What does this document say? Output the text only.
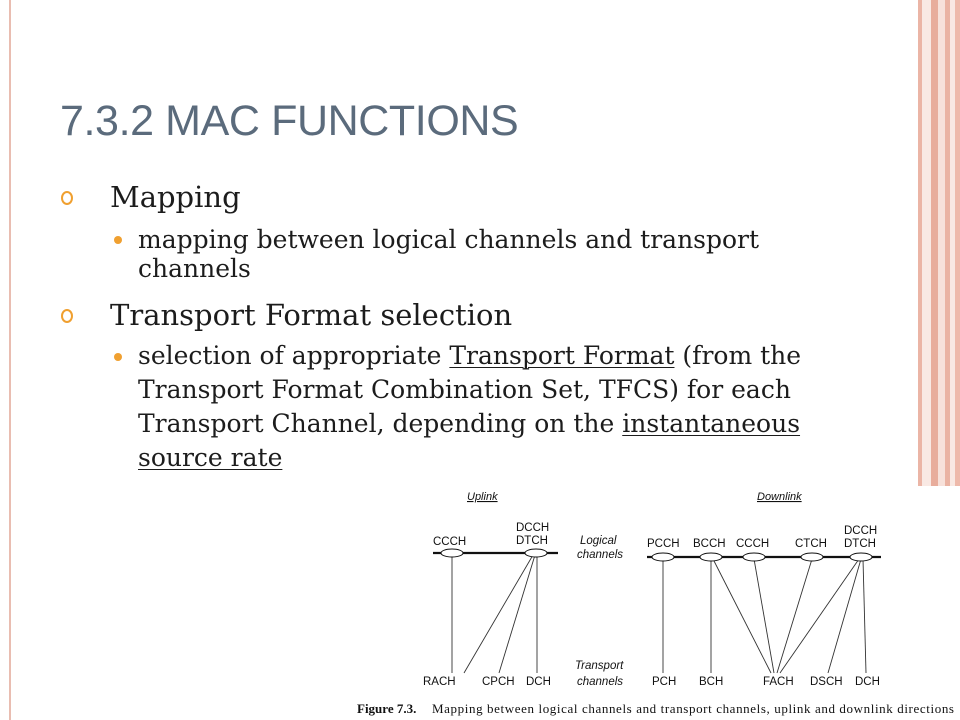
7.3.2 MAC FUNCTIONS
Mapping
mapping between logical channels and transport
channels
Transport Format selection
selection of appropriate Transport Format (from the
Transport Format Combination Set, TFCS) for each
Transport Channel, depending on the instantaneous
source rate
Uplink	Downlink
Logical
channels
Transport
channels
CCCH
DCCH
DTCH	PCCH BCCH CCCH CTCH
DCCH
DTCH
RACH CPCH DCH	PCH BCH	FACH DSCH DCH
Figure 7.3. Mapping between logical channels and transport channels, uplink and downlink directions
